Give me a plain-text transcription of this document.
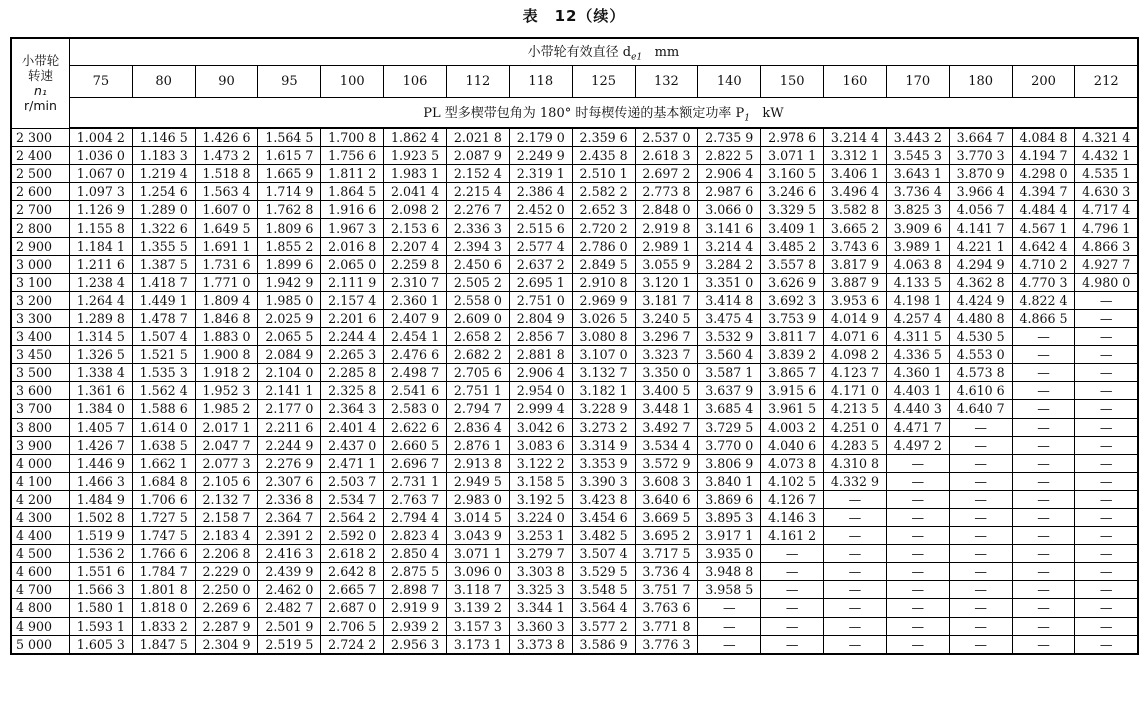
表　12（续）
小带轮
转速
n₁
r/min	小带轮有效直径 $d_{e1}$ mm																
	75	80	90	95	100	106	112	118	125	132	140	150	160	170	180	200	212
	PL 型多楔带包角为 180° 时每楔传递的基本额定功率 $P_1$ kW																
2 300	1.004 2	1.146 5	1.426 6	1.564 5	1.700 8	1.862 4	2.021 8	2.179 0	2.359 6	2.537 0	2.735 9	2.978 6	3.214 4	3.443 2	3.664 7	4.084 8	4.321 4
2 400	1.036 0	1.183 3	1.473 2	1.615 7	1.756 6	1.923 5	2.087 9	2.249 9	2.435 8	2.618 3	2.822 5	3.071 1	3.312 1	3.545 3	3.770 3	4.194 7	4.432 1
2 500	1.067 0	1.219 4	1.518 8	1.665 9	1.811 2	1.983 1	2.152 4	2.319 1	2.510 1	2.697 2	2.906 4	3.160 5	3.406 1	3.643 1	3.870 9	4.298 0	4.535 1
2 600	1.097 3	1.254 6	1.563 4	1.714 9	1.864 5	2.041 4	2.215 4	2.386 4	2.582 2	2.773 8	2.987 6	3.246 6	3.496 4	3.736 4	3.966 4	4.394 7	4.630 3
2 700	1.126 9	1.289 0	1.607 0	1.762 8	1.916 6	2.098 2	2.276 7	2.452 0	2.652 3	2.848 0	3.066 0	3.329 5	3.582 8	3.825 3	4.056 7	4.484 4	4.717 4
2 800	1.155 8	1.322 6	1.649 5	1.809 6	1.967 3	2.153 6	2.336 3	2.515 6	2.720 2	2.919 8	3.141 6	3.409 1	3.665 2	3.909 6	4.141 7	4.567 1	4.796 1
2 900	1.184 1	1.355 5	1.691 1	1.855 2	2.016 8	2.207 4	2.394 3	2.577 4	2.786 0	2.989 1	3.214 4	3.485 2	3.743 6	3.989 1	4.221 1	4.642 4	4.866 3
3 000	1.211 6	1.387 5	1.731 6	1.899 6	2.065 0	2.259 8	2.450 6	2.637 2	2.849 5	3.055 9	3.284 2	3.557 8	3.817 9	4.063 8	4.294 9	4.710 2	4.927 7
3 100	1.238 4	1.418 7	1.771 0	1.942 9	2.111 9	2.310 7	2.505 2	2.695 1	2.910 8	3.120 1	3.351 0	3.626 9	3.887 9	4.133 5	4.362 8	4.770 3	4.980 0
3 200	1.264 4	1.449 1	1.809 4	1.985 0	2.157 4	2.360 1	2.558 0	2.751 0	2.969 9	3.181 7	3.414 8	3.692 3	3.953 6	4.198 1	4.424 9	4.822 4	—
3 300	1.289 8	1.478 7	1.846 8	2.025 9	2.201 6	2.407 9	2.609 0	2.804 9	3.026 5	3.240 5	3.475 4	3.753 9	4.014 9	4.257 4	4.480 8	4.866 5	—
3 400	1.314 5	1.507 4	1.883 0	2.065 5	2.244 4	2.454 1	2.658 2	2.856 7	3.080 8	3.296 7	3.532 9	3.811 7	4.071 6	4.311 5	4.530 5	—	—
3 450	1.326 5	1.521 5	1.900 8	2.084 9	2.265 3	2.476 6	2.682 2	2.881 8	3.107 0	3.323 7	3.560 4	3.839 2	4.098 2	4.336 5	4.553 0	—	—
3 500	1.338 4	1.535 3	1.918 2	2.104 0	2.285 8	2.498 7	2.705 6	2.906 4	3.132 7	3.350 0	3.587 1	3.865 7	4.123 7	4.360 1	4.573 8	—	—
3 600	1.361 6	1.562 4	1.952 3	2.141 1	2.325 8	2.541 6	2.751 1	2.954 0	3.182 1	3.400 5	3.637 9	3.915 6	4.171 0	4.403 1	4.610 6	—	—
3 700	1.384 0	1.588 6	1.985 2	2.177 0	2.364 3	2.583 0	2.794 7	2.999 4	3.228 9	3.448 1	3.685 4	3.961 5	4.213 5	4.440 3	4.640 7	—	—
3 800	1.405 7	1.614 0	2.017 1	2.211 6	2.401 4	2.622 6	2.836 4	3.042 6	3.273 2	3.492 7	3.729 5	4.003 2	4.251 0	4.471 7	—	—	—
3 900	1.426 7	1.638 5	2.047 7	2.244 9	2.437 0	2.660 5	2.876 1	3.083 6	3.314 9	3.534 4	3.770 0	4.040 6	4.283 5	4.497 2	—	—	—
4 000	1.446 9	1.662 1	2.077 3	2.276 9	2.471 1	2.696 7	2.913 8	3.122 2	3.353 9	3.572 9	3.806 9	4.073 8	4.310 8	—	—	—	—
4 100	1.466 3	1.684 8	2.105 6	2.307 6	2.503 7	2.731 1	2.949 5	3.158 5	3.390 3	3.608 3	3.840 1	4.102 5	4.332 9	—	—	—	—
4 200	1.484 9	1.706 6	2.132 7	2.336 8	2.534 7	2.763 7	2.983 0	3.192 5	3.423 8	3.640 6	3.869 6	4.126 7	—	—	—	—	—
4 300	1.502 8	1.727 5	2.158 7	2.364 7	2.564 2	2.794 4	3.014 5	3.224 0	3.454 6	3.669 5	3.895 3	4.146 3	—	—	—	—	—
4 400	1.519 9	1.747 5	2.183 4	2.391 2	2.592 0	2.823 4	3.043 9	3.253 1	3.482 5	3.695 2	3.917 1	4.161 2	—	—	—	—	—
4 500	1.536 2	1.766 6	2.206 8	2.416 3	2.618 2	2.850 4	3.071 1	3.279 7	3.507 4	3.717 5	3.935 0	—	—	—	—	—	—
4 600	1.551 6	1.784 7	2.229 0	2.439 9	2.642 8	2.875 5	3.096 0	3.303 8	3.529 5	3.736 4	3.948 8	—	—	—	—	—	—
4 700	1.566 3	1.801 8	2.250 0	2.462 0	2.665 7	2.898 7	3.118 7	3.325 3	3.548 5	3.751 7	3.958 5	—	—	—	—	—	—
4 800	1.580 1	1.818 0	2.269 6	2.482 7	2.687 0	2.919 9	3.139 2	3.344 1	3.564 4	3.763 6	—	—	—	—	—	—	—
4 900	1.593 1	1.833 2	2.287 9	2.501 9	2.706 5	2.939 2	3.157 3	3.360 3	3.577 2	3.771 8	—	—	—	—	—	—	—
5 000	1.605 3	1.847 5	2.304 9	2.519 5	2.724 2	2.956 3	3.173 1	3.373 8	3.586 9	3.776 3	—	—	—	—	—	—	—
